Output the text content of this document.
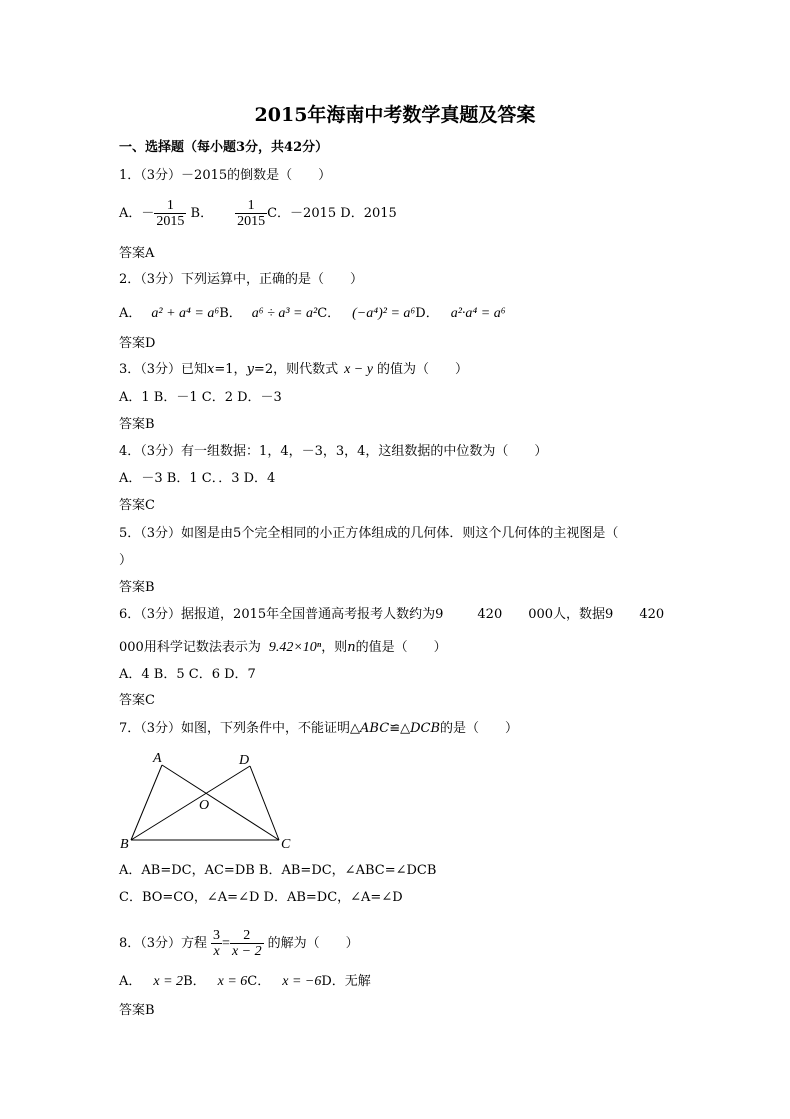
2015年海南中考数学真题及答案
一、选择题（每小题3分，共42分）
1．（3分）－2015的倒数是（　　）
A．－ $\frac{1}{2015}$ B． $\frac{1}{2015}$ C．－2015 D．2015
答案A
2．（3分）下列运算中，正确的是（　　）
A． a² + a⁴ = a⁶B． a⁶ ÷ a³ = a²C． (−a⁴)² = a⁶D． a²·a⁴ = a⁶
答案D
3．（3分）已知x=1，y=2，则代数式 x − y 的值为（　　）
A．1 B．－1 C．2 D．－3
答案B
4．（3分）有一组数据：1，4，－3，3，4，这组数据的中位数为（　　）
A．－3 B．1 C．．3 D．4
答案C
5．（3分）如图是由5个完全相同的小正方体组成的几何体．则这个几何体的主视图是（
）
答案B
6．（3分）据报道，2015年全国普通高考报考人数约为9	420 000人，数据9 420
000用科学记数法表示为 9.42×10ⁿ，则n的值是（　　）
A．4 B．5 C．6 D．7
答案C
7．（3分）如图，下列条件中，不能证明△ABC≌△DCB的是（　　）
A	D
O
B	C
A．AB=DC，AC=DB B．AB=DC，∠ABC=∠DCB
C．BO=CO，∠A=∠D D．AB=DC，∠A=∠D
8．（3分）方程 $\frac{3}{x} = \frac{2}{x - 2}$ 的解为（　　）
A． x = 2B． x = 6C． x = −6D．无解
答案B
